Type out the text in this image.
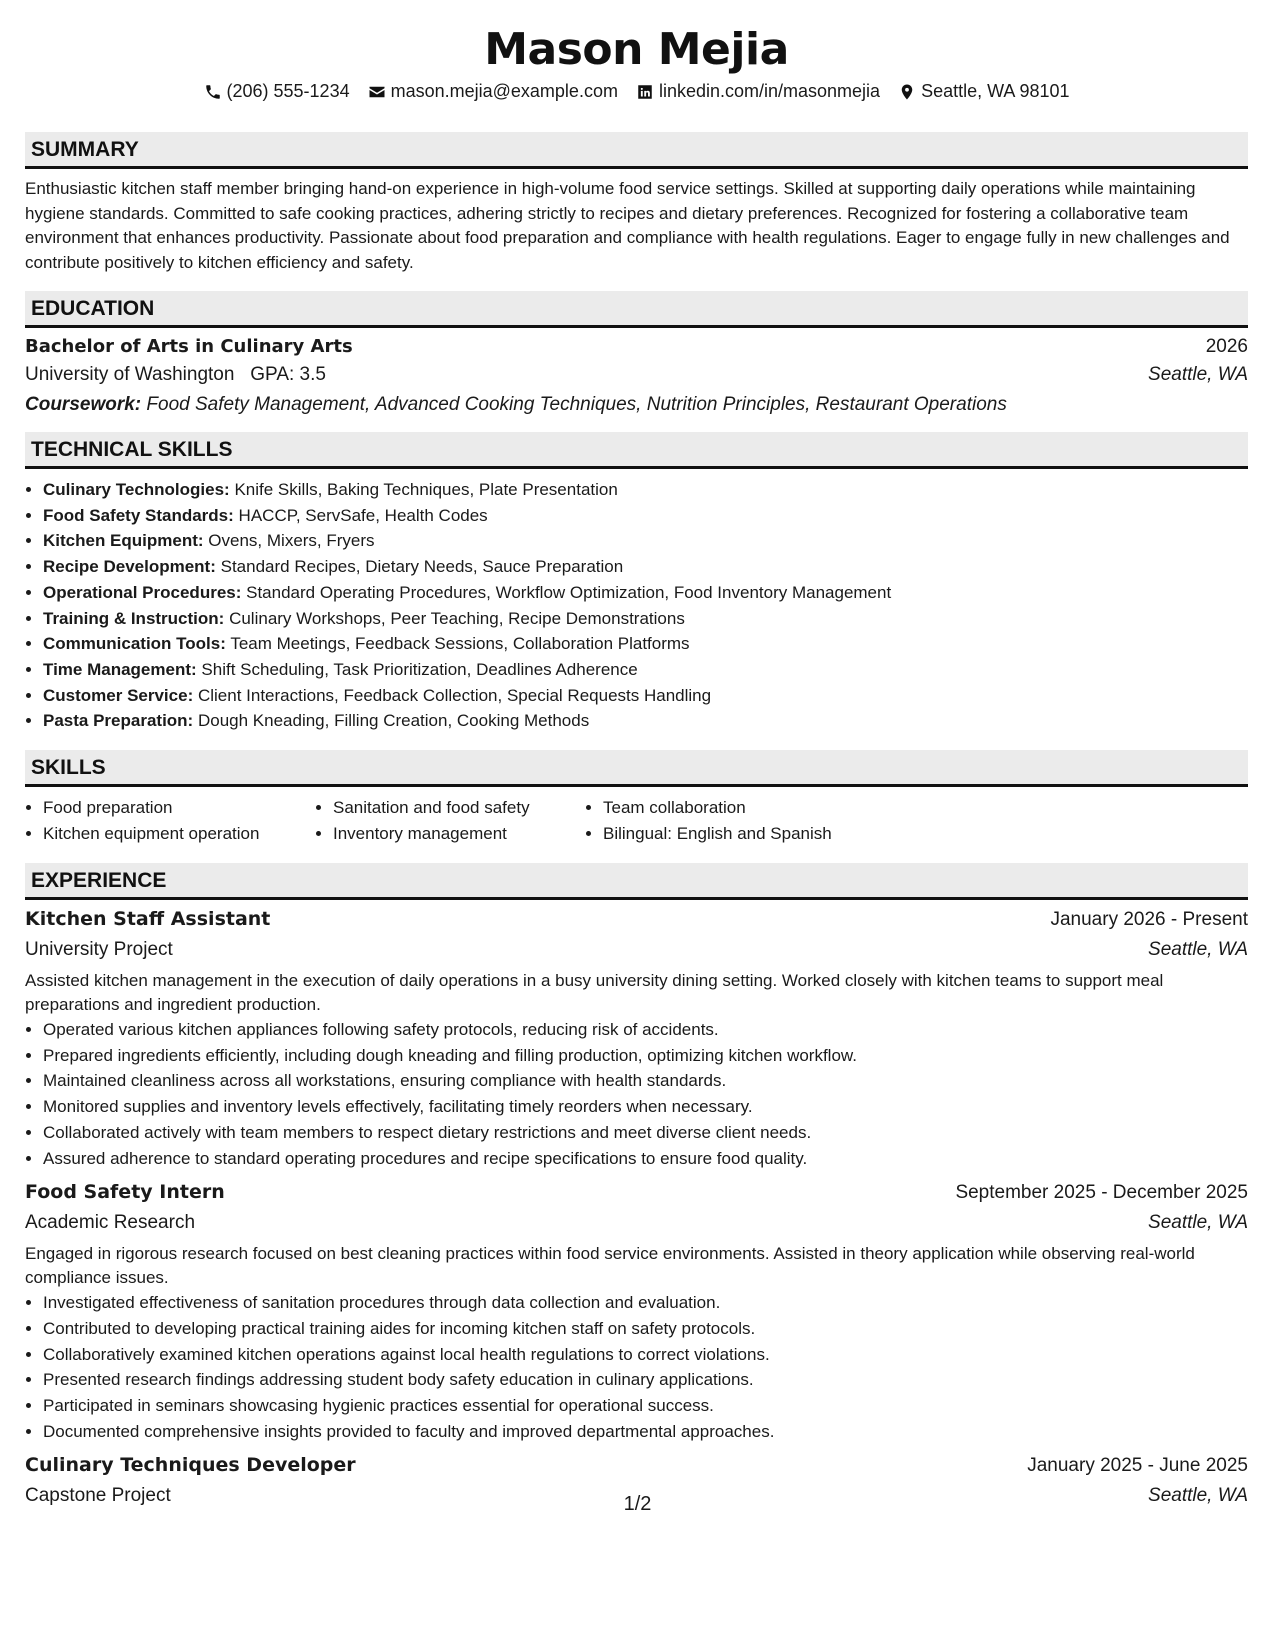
Mason Mejia
(206) 555-1234 mason.mejia@example.com linkedin.com/in/masonmejia Seattle, WA 98101
SUMMARY
Enthusiastic kitchen staff member bringing hand-on experience in high-volume food service settings. Skilled at supporting daily operations while maintaining hygiene standards. Committed to safe cooking practices, adhering strictly to recipes and dietary preferences. Recognized for fostering a collaborative team environment that enhances productivity. Passionate about food preparation and compliance with health regulations. Eager to engage fully in new challenges and contribute positively to kitchen efficiency and safety.
EDUCATION
Bachelor of Arts in Culinary Arts	2026
University of Washington GPA: 3.5	Seattle, WA
Coursework: Food Safety Management, Advanced Cooking Techniques, Nutrition Principles, Restaurant Operations
TECHNICAL SKILLS
• Culinary Technologies: Knife Skills, Baking Techniques, Plate Presentation
• Food Safety Standards: HACCP, ServSafe, Health Codes
• Kitchen Equipment: Ovens, Mixers, Fryers
• Recipe Development: Standard Recipes, Dietary Needs, Sauce Preparation
• Operational Procedures: Standard Operating Procedures, Workflow Optimization, Food Inventory Management
• Training & Instruction: Culinary Workshops, Peer Teaching, Recipe Demonstrations
• Communication Tools: Team Meetings, Feedback Sessions, Collaboration Platforms
• Time Management: Shift Scheduling, Task Prioritization, Deadlines Adherence
• Customer Service: Client Interactions, Feedback Collection, Special Requests Handling
• Pasta Preparation: Dough Kneading, Filling Creation, Cooking Methods
SKILLS
• Food preparation
• Kitchen equipment operation
• Sanitation and food safety
• Inventory management
• Team collaboration
• Bilingual: English and Spanish
EXPERIENCE
Kitchen Staff Assistant	January 2026 - Present
University Project	Seattle, WA
Assisted kitchen management in the execution of daily operations in a busy university dining setting. Worked closely with kitchen teams to support meal preparations and ingredient production.
• Operated various kitchen appliances following safety protocols, reducing risk of accidents.
• Prepared ingredients efficiently, including dough kneading and filling production, optimizing kitchen workflow.
• Maintained cleanliness across all workstations, ensuring compliance with health standards.
• Monitored supplies and inventory levels effectively, facilitating timely reorders when necessary.
• Collaborated actively with team members to respect dietary restrictions and meet diverse client needs.
• Assured adherence to standard operating procedures and recipe specifications to ensure food quality.
Food Safety Intern	September 2025 - December 2025
Academic Research	Seattle, WA
Engaged in rigorous research focused on best cleaning practices within food service environments. Assisted in theory application while observing real-world compliance issues.
• Investigated effectiveness of sanitation procedures through data collection and evaluation.
• Contributed to developing practical training aides for incoming kitchen staff on safety protocols.
• Collaboratively examined kitchen operations against local health regulations to correct violations.
• Presented research findings addressing student body safety education in culinary applications.
• Participated in seminars showcasing hygienic practices essential for operational success.
• Documented comprehensive insights provided to faculty and improved departmental approaches.
Culinary Techniques Developer	January 2025 - June 2025
Capstone Project	Seattle, WA
1/2
